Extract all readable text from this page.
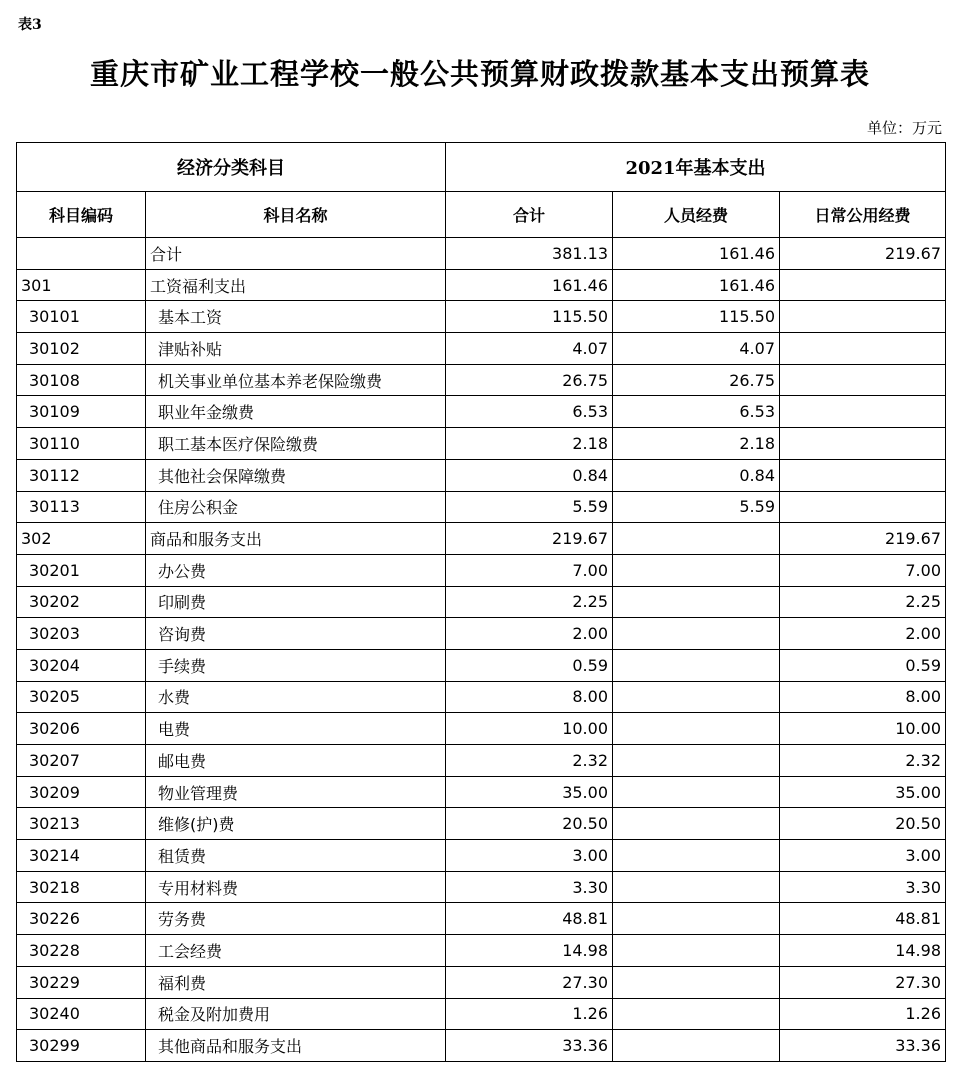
表3
重庆市矿业工程学校一般公共预算财政拨款基本支出预算表
单位：万元
经济分类科目		2021年基本支出		
科目编码	科目名称	合计	人员经费	日常公用经费
	合计	381.13	161.46	219.67
301	工资福利支出	161.46	161.46	
30101	基本工资	115.50	115.50	
30102	津贴补贴	4.07	4.07	
30108	机关事业单位基本养老保险缴费	26.75	26.75	
30109	职业年金缴费	6.53	6.53	
30110	职工基本医疗保险缴费	2.18	2.18	
30112	其他社会保障缴费	0.84	0.84	
30113	住房公积金	5.59	5.59	
302	商品和服务支出	219.67		219.67
30201	办公费	7.00		7.00
30202	印刷费	2.25		2.25
30203	咨询费	2.00		2.00
30204	手续费	0.59		0.59
30205	水费	8.00		8.00
30206	电费	10.00		10.00
30207	邮电费	2.32		2.32
30209	物业管理费	35.00		35.00
30213	维修(护)费	20.50		20.50
30214	租赁费	3.00		3.00
30218	专用材料费	3.30		3.30
30226	劳务费	48.81		48.81
30228	工会经费	14.98		14.98
30229	福利费	27.30		27.30
30240	税金及附加费用	1.26		1.26
30299	其他商品和服务支出	33.36		33.36
